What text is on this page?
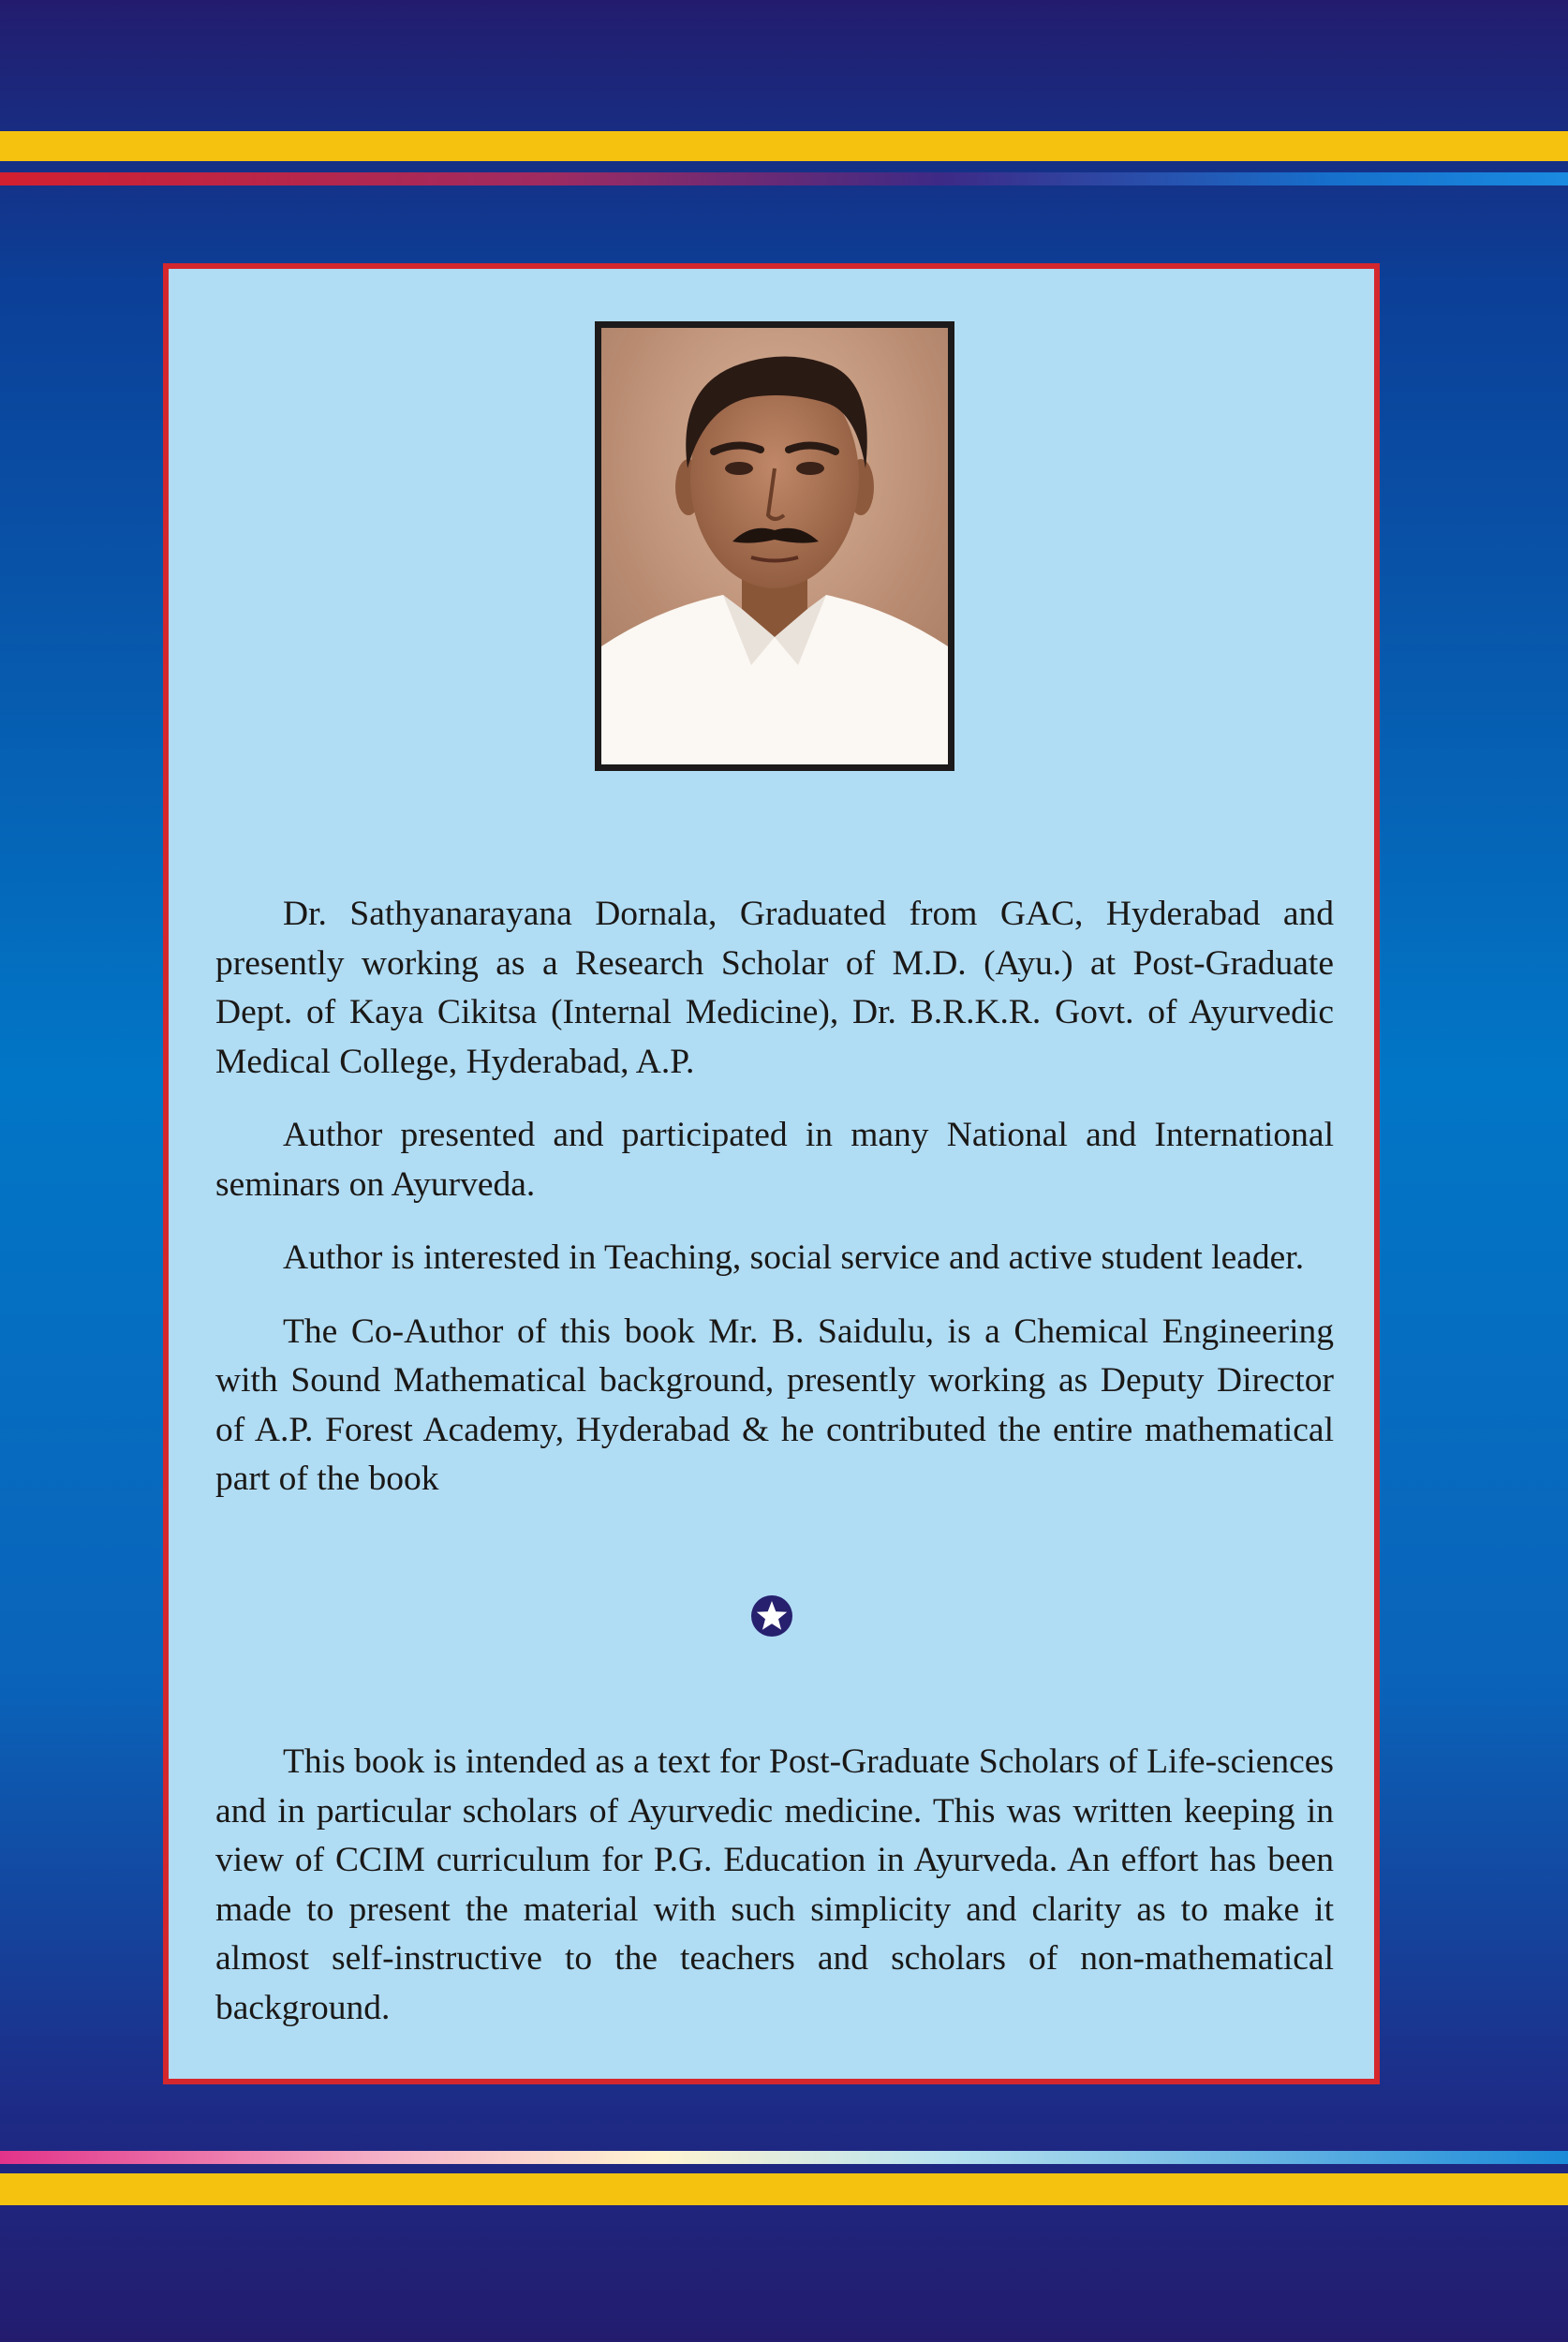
Dr. Sathyanarayana Dornala, Graduated from GAC, Hyderabad and presently working as a Research Scholar of M.D. (Ayu.) at Post-Graduate Dept. of Kaya Cikitsa (Internal Medicine), Dr. B.R.K.R. Govt. of Ayurvedic Medical College, Hyderabad, A.P.

Author presented and participated in many National and International seminars on Ayurveda.

Author is interested in Teaching, social service and active student leader.

The Co-Author of this book Mr. B. Saidulu, is a Chemical Engineering with Sound Mathematical background, presently working as Deputy Director of A.P. Forest Academy, Hyderabad & he contributed the entire mathematical part of the book

This book is intended as a text for Post-Graduate Scholars of Life-sciences and in particular scholars of Ayurvedic medicine. This was written keeping in view of CCIM curriculum for P.G. Education in Ayurveda. An effort has been made to present the material with such simplicity and clarity as to make it almost self-instructive to the teachers and scholars of non-mathematical background.
